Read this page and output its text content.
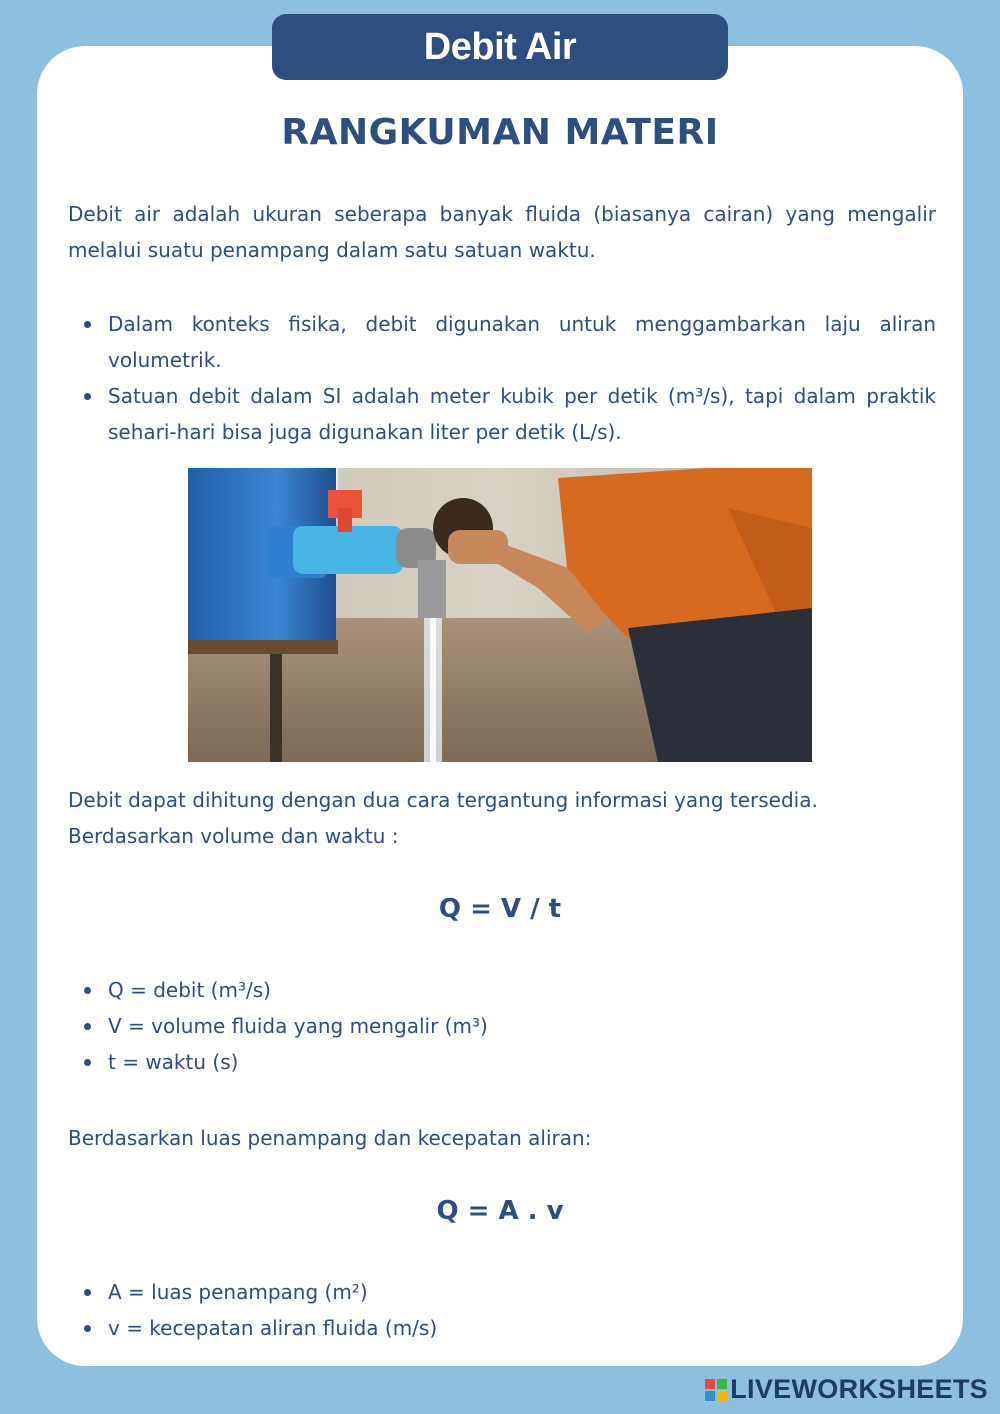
Debit Air
RANGKUMAN MATERI
Debit air adalah ukuran seberapa banyak fluida (biasanya cairan) yang mengalir melalui suatu penampang dalam satu satuan waktu.
Dalam konteks fisika, debit digunakan untuk menggambarkan laju aliran volumetrik.
Satuan debit dalam SI adalah meter kubik per detik (m³/s), tapi dalam praktik sehari-hari bisa juga digunakan liter per detik (L/s).
Debit dapat dihitung dengan dua cara tergantung informasi yang tersedia.
Berdasarkan volume dan waktu :
Q = V / t
Q = debit (m³/s)
V = volume fluida yang mengalir (m³)
t = waktu (s)
Berdasarkan luas penampang dan kecepatan aliran:
Q = A . v
A = luas penampang (m²)
v = kecepatan aliran fluida (m/s)
LIVEWORKSHEETS
